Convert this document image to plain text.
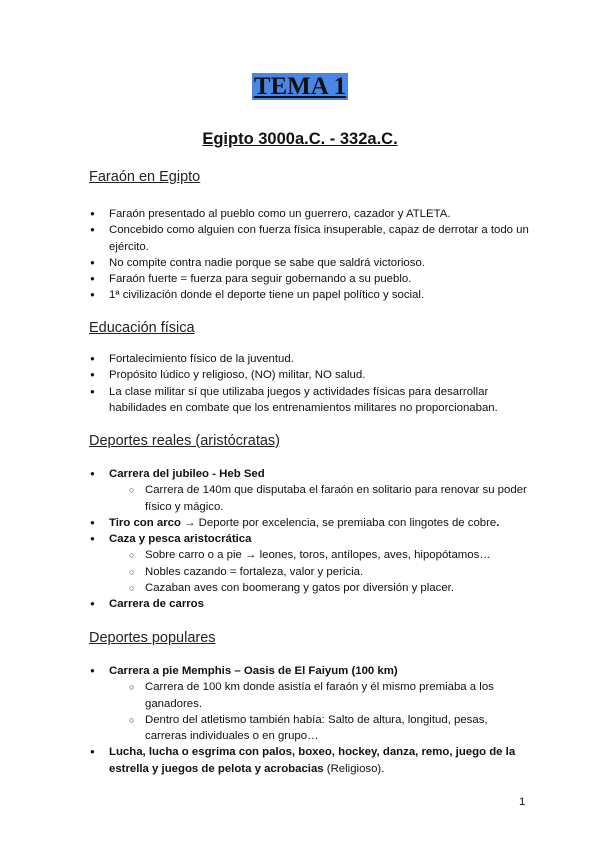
TEMA 1
Egipto 3000a.C. - 332a.C.
Faraón en Egipto
● Faraón presentado al pueblo como un guerrero, cazador y ATLETA.
● Concebido como alguien con fuerza física insuperable, capaz de derrotar a todo un ejército.
● No compite contra nadie porque se sabe que saldrá victorioso.
● Faraón fuerte = fuerza para seguir gobernando a su pueblo.
● 1ª civilización donde el deporte tiene un papel político y social.
Educación física
● Fortalecimiento físico de la juventud.
● Propósito lúdico y religioso, (NO) militar, NO salud.
● La clase militar sí que utilizaba juegos y actividades físicas para desarrollar habilidades en combate que los entrenamientos militares no proporcionaban.
Deportes reales (aristócratas)
● Carrera del jubileo - Heb Sed
○ Carrera de 140m que disputaba el faraón en solitario para renovar su poder físico y mágico.
● Tiro con arco → Deporte por excelencia, se premiaba con lingotes de cobre.
● Caza y pesca aristocrática
○ Sobre carro o a pie → leones, toros, antílopes, aves, hipopótamos…
○ Nobles cazando = fortaleza, valor y pericia.
○ Cazaban aves con boomerang y gatos por diversión y placer.
● Carrera de carros
Deportes populares
● Carrera a pie Memphis – Oasis de El Faiyum (100 km)
○ Carrera de 100 km donde asistía el faraón y él mismo premiaba a los ganadores.
○ Dentro del atletismo también había: Salto de altura, longitud, pesas, carreras individuales o en grupo…
● Lucha, lucha o esgrima con palos, boxeo, hockey, danza, remo, juego de la estrella y juegos de pelota y acrobacias (Religioso).
1
